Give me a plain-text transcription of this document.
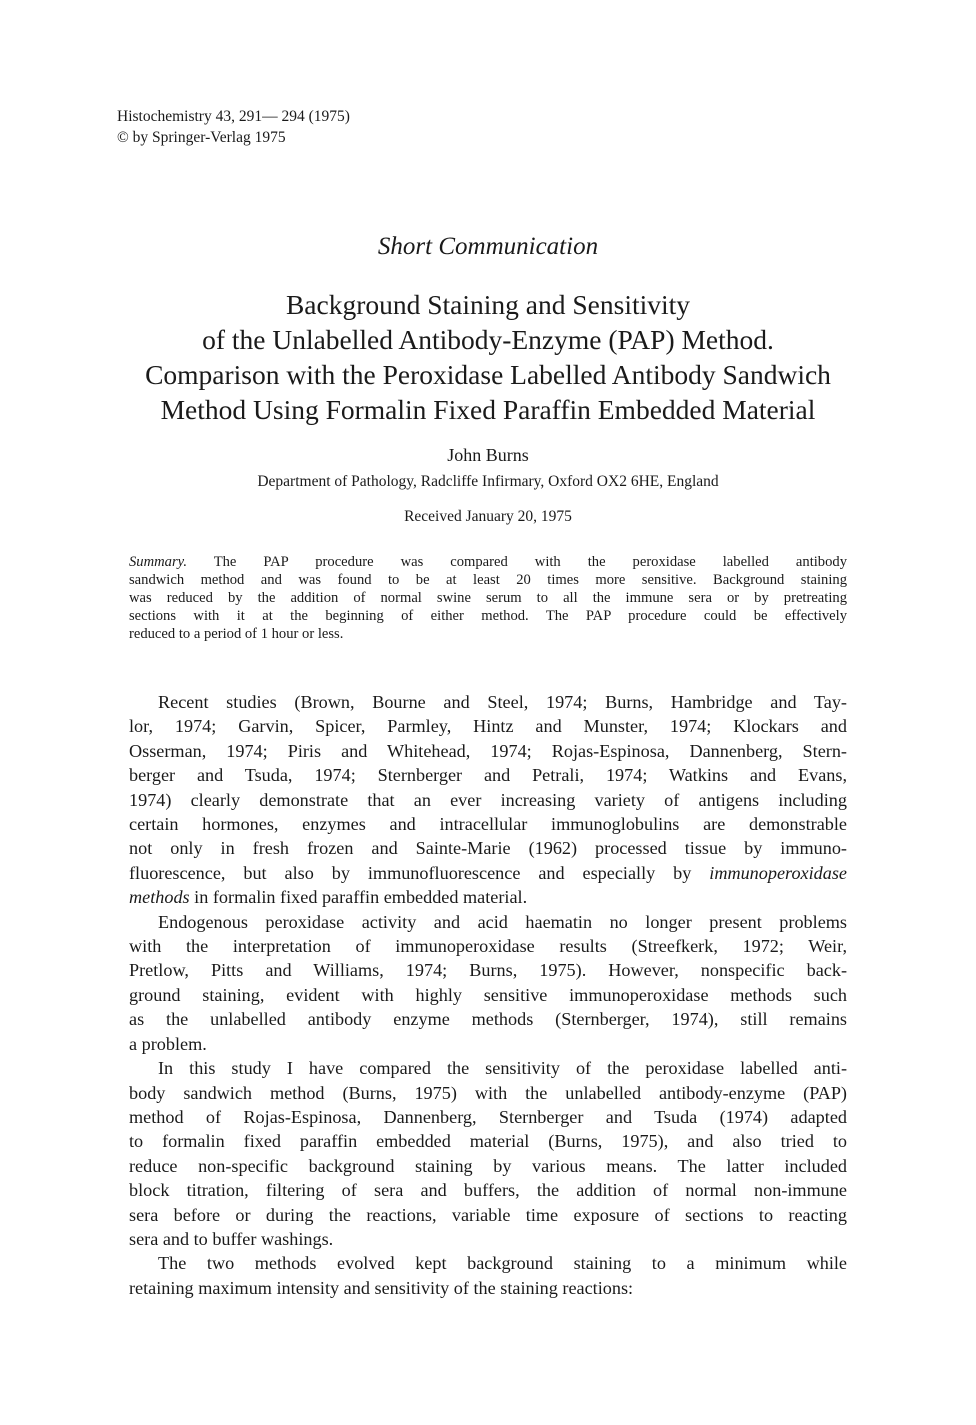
Histochemistry 43, 291— 294 (1975)
© by Springer-Verlag 1975
Short Communication
Background Staining and Sensitivity
of the Unlabelled Antibody-Enzyme (PAP) Method.
Comparison with the Peroxidase Labelled Antibody Sandwich
Method Using Formalin Fixed Paraffin Embedded Material
John Burns
Department of Pathology, Radcliffe Infirmary, Oxford OX2 6HE, England
Received January 20, 1975
Summary. The PAP procedure was compared with the peroxidase labelled antibody
sandwich method and was found to be at least 20 times more sensitive. Background staining
was reduced by the addition of normal swine serum to all the immune sera or by pretreating
sections with it at the beginning of either method. The PAP procedure could be effectively
reduced to a period of 1 hour or less.
Recent studies (Brown, Bourne and Steel, 1974; Burns, Hambridge and Tay-
lor, 1974; Garvin, Spicer, Parmley, Hintz and Munster, 1974; Klockars and
Osserman, 1974; Piris and Whitehead, 1974; Rojas-Espinosa, Dannenberg, Stern-
berger and Tsuda, 1974; Sternberger and Petrali, 1974; Watkins and Evans,
1974) clearly demonstrate that an ever increasing variety of antigens including
certain hormones, enzymes and intracellular immunoglobulins are demonstrable
not only in fresh frozen and Sainte-Marie (1962) processed tissue by immuno-
fluorescence, but also by immunofluorescence and especially by immunoperoxidase
methods in formalin fixed paraffin embedded material.
Endogenous peroxidase activity and acid haematin no longer present problems
with the interpretation of immunoperoxidase results (Streefkerk, 1972; Weir,
Pretlow, Pitts and Williams, 1974; Burns, 1975). However, nonspecific back-
ground staining, evident with highly sensitive immunoperoxidase methods such
as the unlabelled antibody enzyme methods (Sternberger, 1974), still remains
a problem.
In this study I have compared the sensitivity of the peroxidase labelled anti-
body sandwich method (Burns, 1975) with the unlabelled antibody-enzyme (PAP)
method of Rojas-Espinosa, Dannenberg, Sternberger and Tsuda (1974) adapted
to formalin fixed paraffin embedded material (Burns, 1975), and also tried to
reduce non-specific background staining by various means. The latter included
block titration, filtering of sera and buffers, the addition of normal non-immune
sera before or during the reactions, variable time exposure of sections to reacting
sera and to buffer washings.
The two methods evolved kept background staining to a minimum while
retaining maximum intensity and sensitivity of the staining reactions:
